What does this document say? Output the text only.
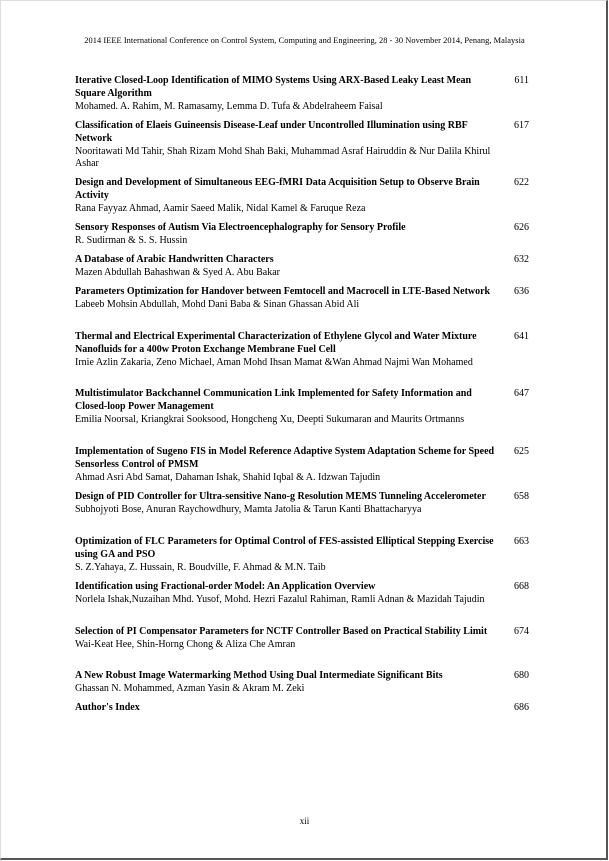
2014 IEEE International Conference on Control System, Computing and Engineering, 28 - 30 November 2014, Penang, Malaysia
Iterative Closed-Loop Identification of MIMO Systems Using ARX-Based Leaky Least Mean Square Algorithm
Mohamed. A. Rahim, M. Ramasamy, Lemma D. Tufa & Abdelraheem Faisal
611
Classification of Elaeis Guineensis Disease-Leaf under Uncontrolled Illumination using RBF Network
Nooritawati Md Tahir, Shah Rizam Mohd Shah Baki, Muhammad Asraf Hairuddin & Nur Dalila Khirul Ashar
617
Design and Development of Simultaneous EEG-fMRI Data Acquisition Setup to Observe Brain Activity
Rana Fayyaz Ahmad, Aamir Saeed Malik, Nidal Kamel & Faruque Reza
622
Sensory Responses of Autism Via Electroencephalography for Sensory Profile
R. Sudirman & S. S. Hussin
626
A Database of Arabic Handwritten Characters
Mazen Abdullah Bahashwan & Syed A. Abu Bakar
632
Parameters Optimization for Handover between Femtocell and Macrocell in LTE-Based Network
Labeeb Mohsin Abdullah, Mohd Dani Baba & Sinan Ghassan Abid Ali
636
Thermal and Electrical Experimental Characterization of Ethylene Glycol and Water Mixture Nanofluids for a 400w Proton Exchange Membrane Fuel Cell
Irnie Azlin Zakaria, Zeno Michael, Aman Mohd Ihsan Mamat &Wan Ahmad Najmi Wan Mohamed
641
Multistimulator Backchannel Communication Link Implemented for Safety Information and Closed-loop Power Management
Emilia Noorsal, Kriangkrai Sooksood, Hongcheng Xu, Deepti Sukumaran and Maurits Ortmanns
647
Implementation of Sugeno FIS in Model Reference Adaptive System Adaptation Scheme for Speed Sensorless Control of PMSM
Ahmad Asri Abd Samat, Dahaman Ishak, Shahid Iqbal & A. Idzwan Tajudin
625
Design of PID Controller for Ultra-sensitive Nano-g Resolution MEMS Tunneling Accelerometer
Subhojyoti Bose, Anuran Raychowdhury, Mamta Jatolia & Tarun Kanti Bhattacharyya
658
Optimization of FLC Parameters for Optimal Control of FES-assisted Elliptical Stepping Exercise using GA and PSO
S. Z.Yahaya, Z. Hussain, R. Boudville, F. Ahmad & M.N. Taib
663
Identification using Fractional-order Model: An Application Overview
Norlela Ishak,Nuzaihan Mhd. Yusof, Mohd. Hezri Fazalul Rahiman, Ramli Adnan & Mazidah Tajudin
668
Selection of PI Compensator Parameters for NCTF Controller Based on Practical Stability Limit
Wai-Keat Hee, Shin-Horng Chong & Aliza Che Amran
674
A New Robust Image Watermarking Method Using Dual Intermediate Significant Bits
Ghassan N. Mohammed, Azman Yasin & Akram M. Zeki
680
Author's Index	686
xii
